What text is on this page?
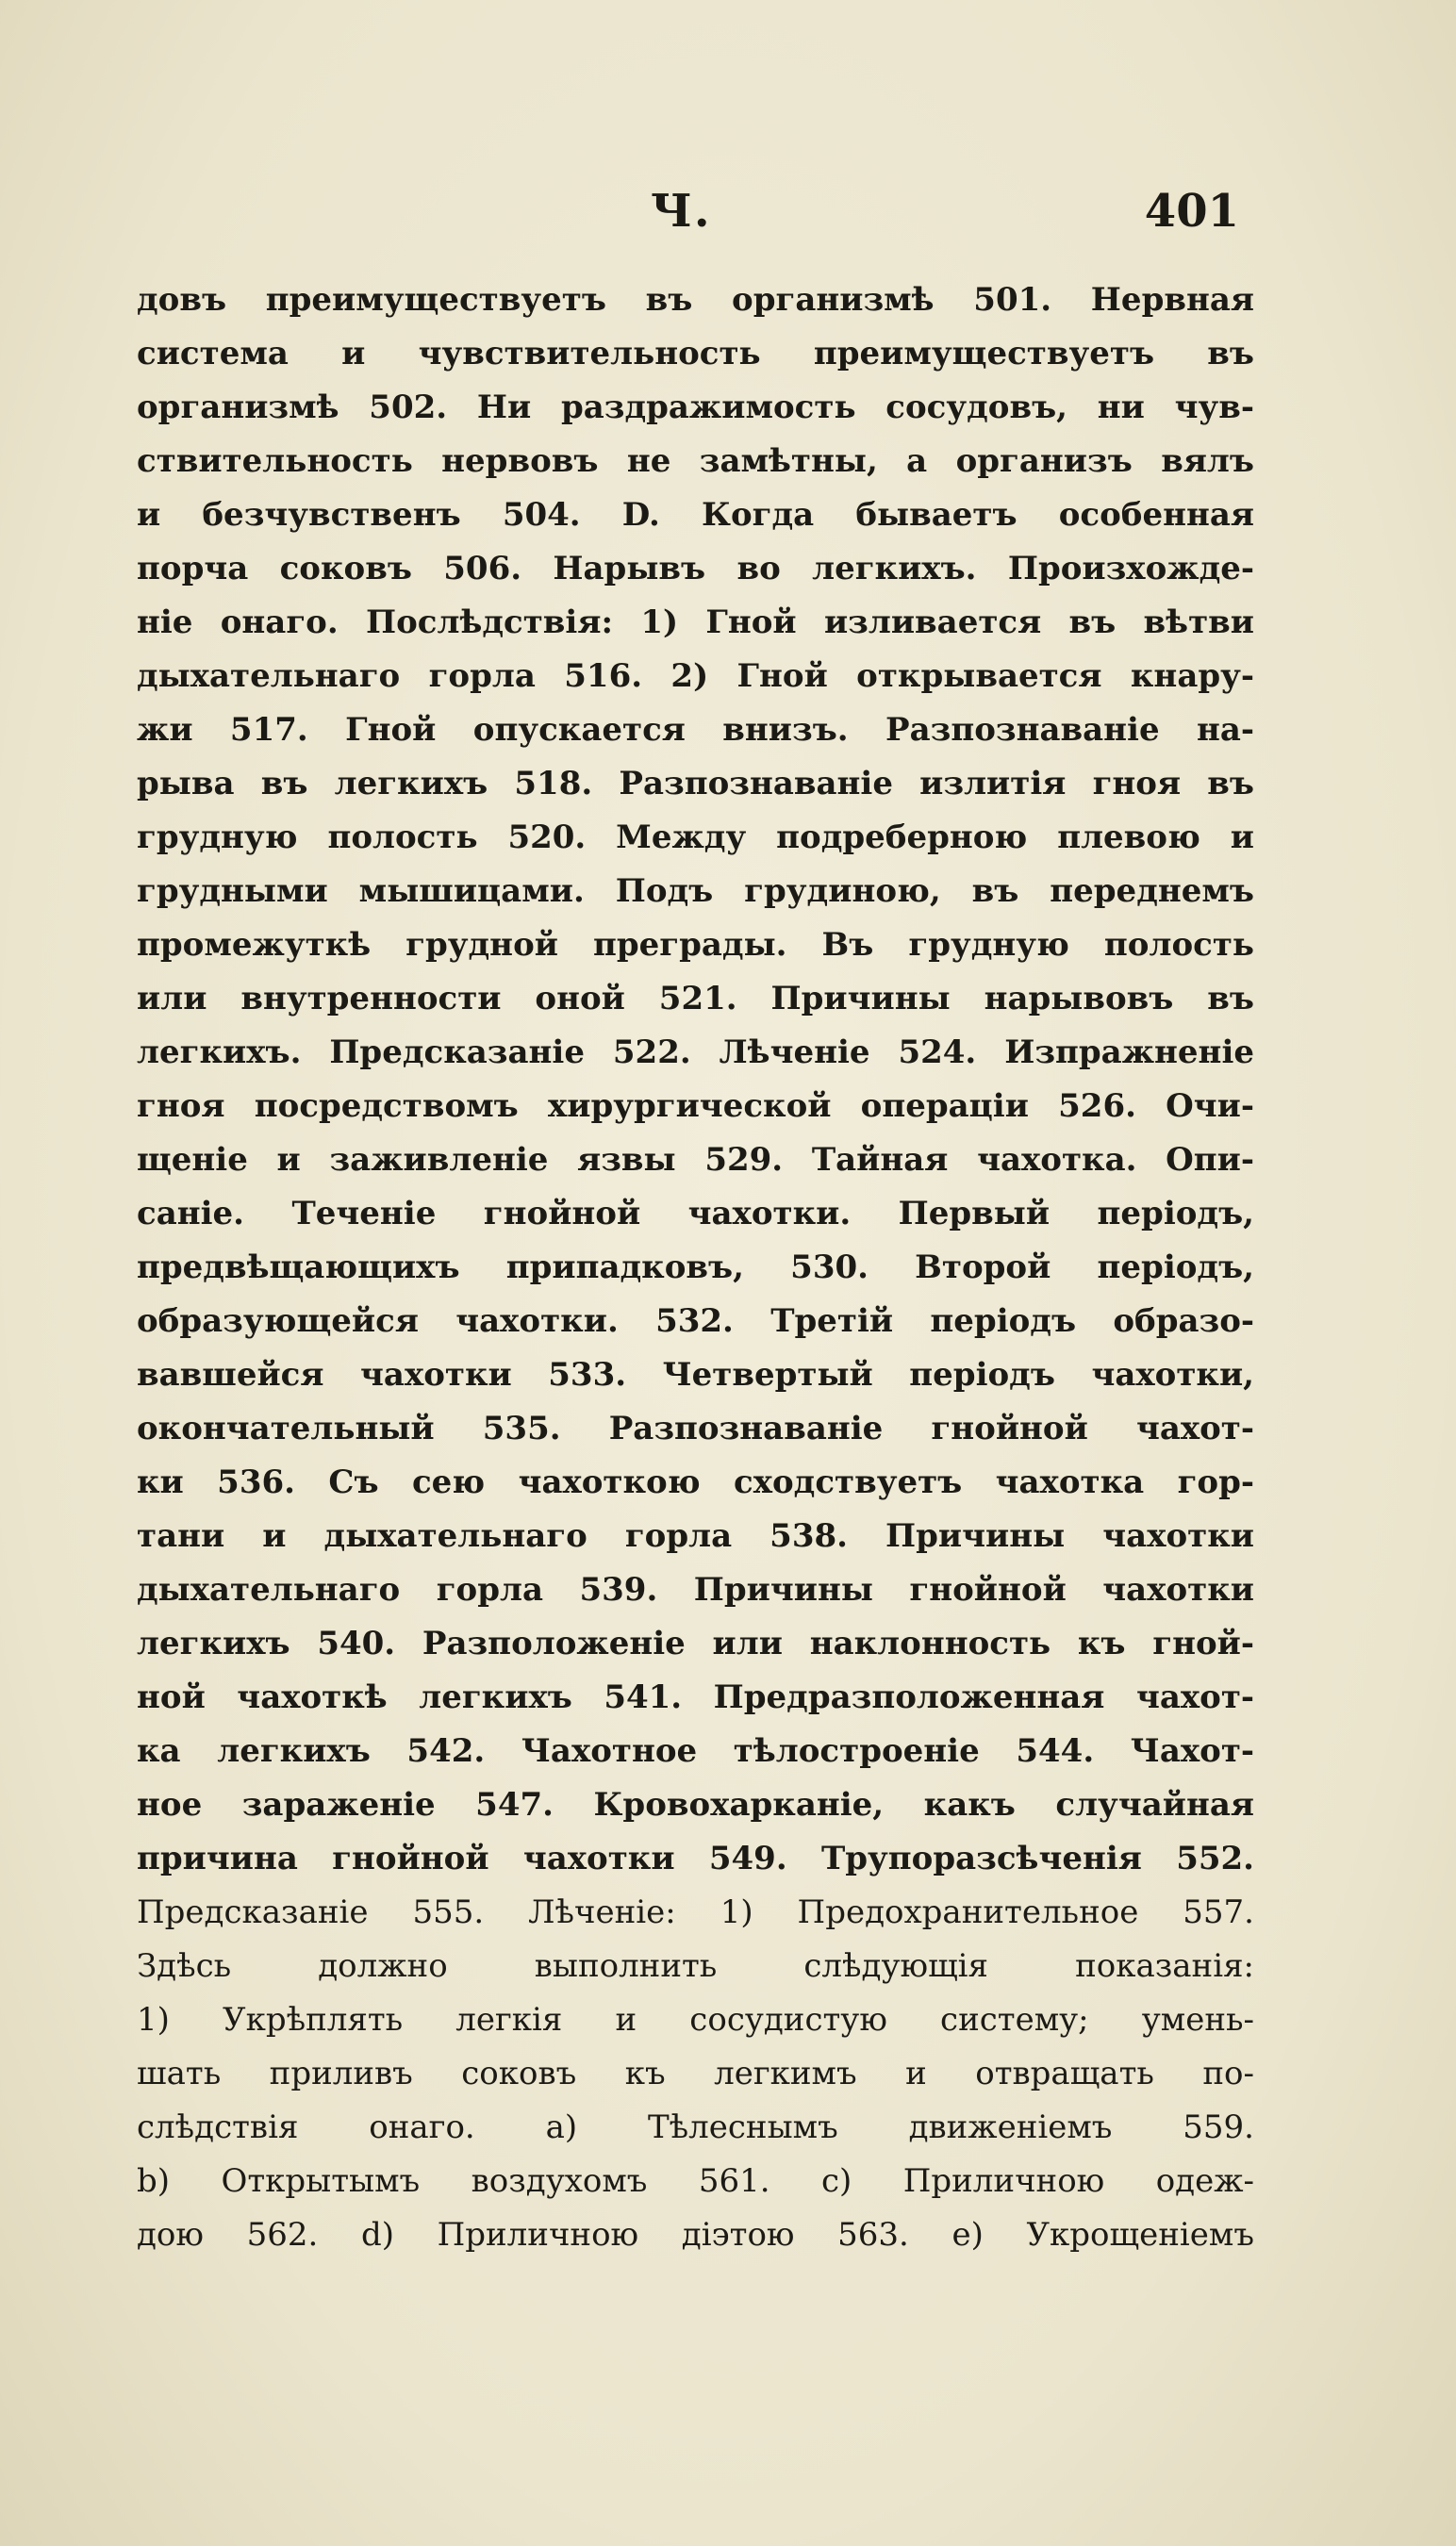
Ч.	401
довъ преимуществуетъ въ организмѣ 501. Нервная
система и чувствительность преимуществуетъ въ
организмѣ 502. Ни раздражимость сосудовъ, ни чув-
ствительность нервовъ не замѣтны, а организъ вялъ
и безчувственъ 504. D. Когда бываетъ особенная
порча соковъ 506. Нарывъ во легкихъ. Произхожде-
ніе онаго. Послѣдствія: 1) Гной изливается въ вѣтви
дыхательнаго горла 516. 2) Гной открывается кнару-
жи 517. Гной опускается внизъ. Разпознаваніе на-
рыва въ легкихъ 518. Разпознаваніе излитія гноя въ
грудную полость 520. Между подреберною плевою и
грудными мышицами. Подъ грудиною, въ переднемъ
промежуткѣ грудной преграды. Въ грудную полость
или внутренности оной 521. Причины нарывовъ въ
легкихъ. Предсказаніе 522. Лѣченіе 524. Изпражненіе
гноя посредствомъ хирургической операціи 526. Очи-
щеніе и заживленіе язвы 529. Тайная чахотка. Опи-
саніе. Теченіе гнойной чахотки. Первый періодъ,
предвѣщающихъ припадковъ, 530. Второй періодъ,
образующейся чахотки. 532. Третій періодъ образо-
вавшейся чахотки 533. Четвертый періодъ чахотки,
окончательный 535. Разпознаваніе гнойной чахот-
ки 536. Съ сею чахоткою сходствуетъ чахотка гор-
тани и дыхательнаго горла 538. Причины чахотки
дыхательнаго горла 539. Причины гнойной чахотки
легкихъ 540. Разположеніе или наклонность къ гной-
ной чахоткѣ легкихъ 541. Предразположенная чахот-
ка легкихъ 542. Чахотное тѣлостроеніе 544. Чахот-
ное зараженіе 547. Кровохарканіе, какъ случайная
причина гнойной чахотки 549. Трупоразсѣченія 552.
Предсказаніе 555. Лѣченіе: 1) Предохранительное 557.
Здѣсь должно выполнить слѣдующія показанія:
1) Укрѣплять легкія и сосудистую систему; умень-
шать приливъ соковъ къ легкимъ и отвращать по-
слѣдствія онаго. a) Тѣлеснымъ движеніемъ 559.
b) Открытымъ воздухомъ 561. c) Приличною одеж-
дою 562. d) Приличною діэтою 563. e) Укрощеніемъ
